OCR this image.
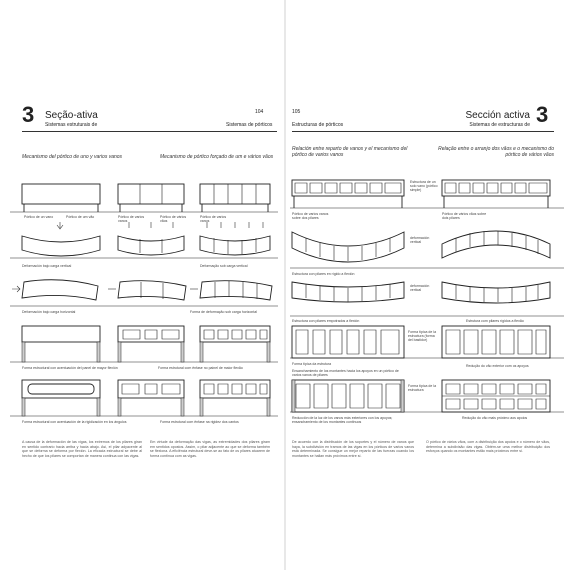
3 Seção-ativa
Sistemas estruturais de
104
Sistemas de pórticos
Mecanismo del pórtico de uno y varios vanos	Mecanismo de pórtico forçado de um e vários vãos
Pórtico de un vano	Pórtico de um vão	Pórtico de varios vanos
Pórtico de vários vãos
Pórtico de varios vanos
Deformación bajo carga vertical
Deformación bajo carga horizontal
Deformação sob carga vertical
Forma de deformação sob carga horizontal
Forma estructural con acentuación del panel de mayor flexión	Forma estrutural com ênfase no painel de maior flexão
Forma estructural con acentuación de la rigidización en los ángulos	Forma estrutural com ênfase na rigidez dos cantos
A causa de la deformación de las vigas, los extremos de los pilares giran en sentido contrario hacia arriba y hacia abajo. Así, el pilar adyacente al que se deforma se deforma por flexión. La eficacia estructural se debe al hecho de que los pilares se comportan de manera continua con las vigas.
Em virtude da deformação das vigas, as extremidades dos pilares giram em sentidos opostos. Assim, o pilar adjacente ao que se deforma também se flexiona. A eficiência estrutural deve-se ao fato de os pilares atuarem de forma contínua com as vigas.
3
Sección activa
Sistemas de estructuras de
105
Estructuras de pórticos
Relación entre reparto de vanos y el mecanismo del pórtico de varios vanos
Relação entre o arranjo dos vãos e o mecanismo do pórtico de vários vãos
Estructura de un solo vano (pórtico simple)
Pórtico de varios vanos sobre dos pilares
Pórtico de vários vãos sobre dois pilares
deformación vertical
Estructura con pilares en rígido a flexión
deformación vertical
Estructura con pilares empotrados a flexión	Estrutura com pilares rígidos a flexão
Forma típica de la estructura (forma del bastidor)
Forma típica da estrutura
Ensanchamiento de los montantes hacia los apoyos en un pórtico de varios vanos de pilares
Reducción de la luz de los vanos más exteriores con los apoyos; ensanchamiento de los montantes continuos
Forma típica de la estructura
Redução do vão exterior com os apoyos
Redução do vão mais próximo aos apoios
De acuerdo con la distribución de los soportes y el número de vanos que haya, la subdivisión en tramos de las vigas en los pórticos de varios vanos está determinada. Se consigue un mejor reparto de las fuerzas cuando los montantes se hallan más próximos entre sí.
O pórtico de vários vãos, com a distribuição dos apoios e o número de vãos, determina a subdivisão das vigas. Obtém-se uma melhor distribuição dos esforços quando os montantes estão mais próximos entre si.
